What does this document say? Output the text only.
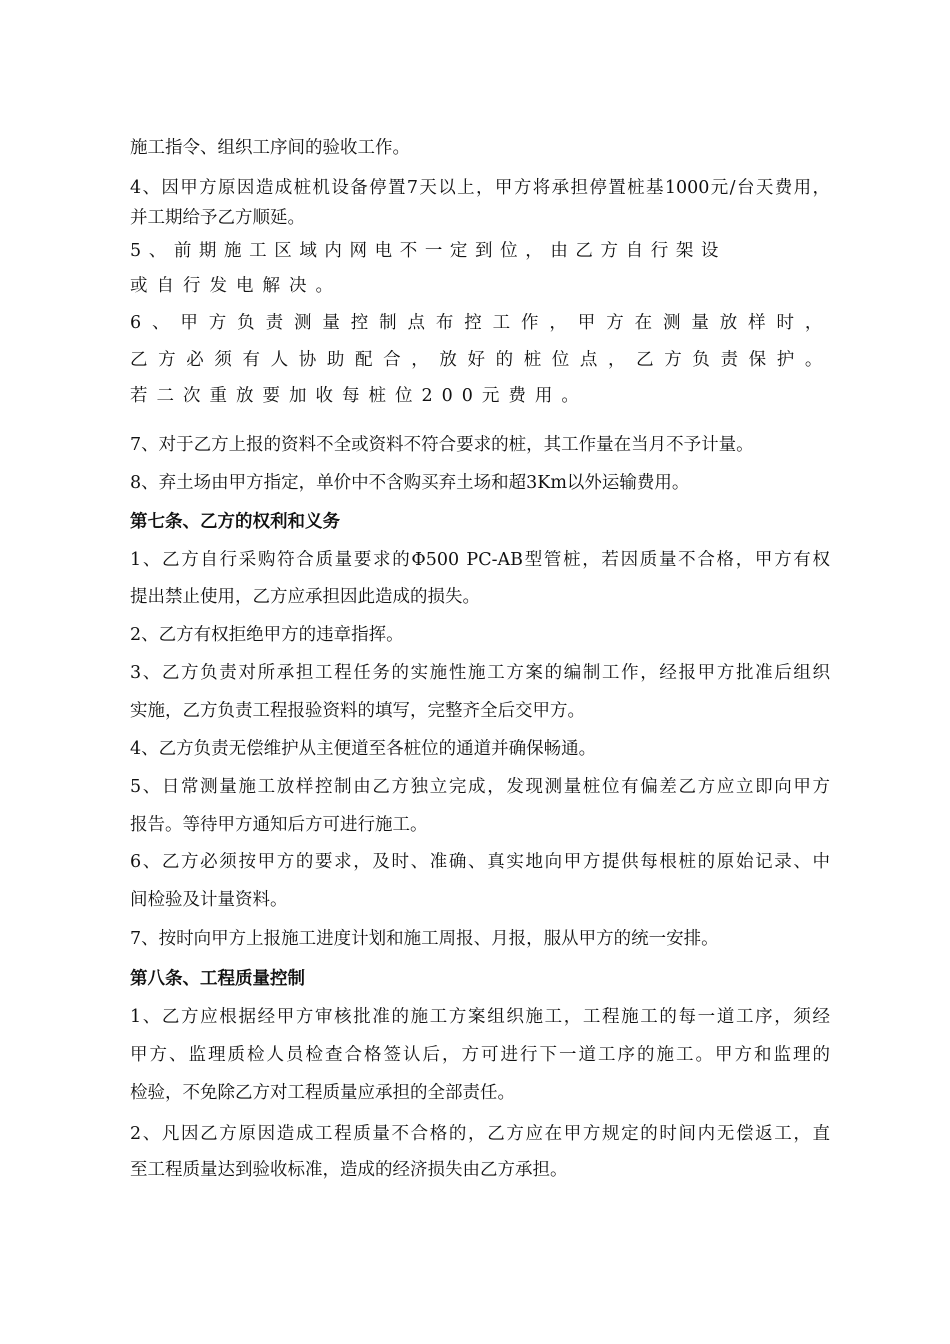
施工指令、组织工序间的验收工作。
4、因甲方原因造成桩机设备停置7天以上，甲方将承担停置桩基1000元/台天费用，
并工期给予乙方顺延。
5、前期施工区域内网电不一定到位，由乙方自行架设
或自行发电解决。
6、甲方负责测量控制点布控工作，甲方在测量放样时，
乙方必须有人协助配合，放好的桩位点，乙方负责保护。
若二次重放要加收每桩位200元费用。
7、对于乙方上报的资料不全或资料不符合要求的桩，其工作量在当月不予计量。
8、弃土场由甲方指定，单价中不含购买弃土场和超3Km以外运输费用。
第七条、乙方的权利和义务
1、乙方自行采购符合质量要求的Φ500 PC-AB型管桩，若因质量不合格，甲方有权
提出禁止使用，乙方应承担因此造成的损失。
2、乙方有权拒绝甲方的违章指挥。
3、乙方负责对所承担工程任务的实施性施工方案的编制工作，经报甲方批准后组织
实施，乙方负责工程报验资料的填写，完整齐全后交甲方。
4、乙方负责无偿维护从主便道至各桩位的通道并确保畅通。
5、日常测量施工放样控制由乙方独立完成，发现测量桩位有偏差乙方应立即向甲方
报告。等待甲方通知后方可进行施工。
6、乙方必须按甲方的要求，及时、准确、真实地向甲方提供每根桩的原始记录、中
间检验及计量资料。
7、按时向甲方上报施工进度计划和施工周报、月报，服从甲方的统一安排。
第八条、工程质量控制
1、乙方应根据经甲方审核批准的施工方案组织施工，工程施工的每一道工序，须经
甲方、监理质检人员检查合格签认后，方可进行下一道工序的施工。甲方和监理的
检验，不免除乙方对工程质量应承担的全部责任。
2、凡因乙方原因造成工程质量不合格的，乙方应在甲方规定的时间内无偿返工，直
至工程质量达到验收标准，造成的经济损失由乙方承担。
